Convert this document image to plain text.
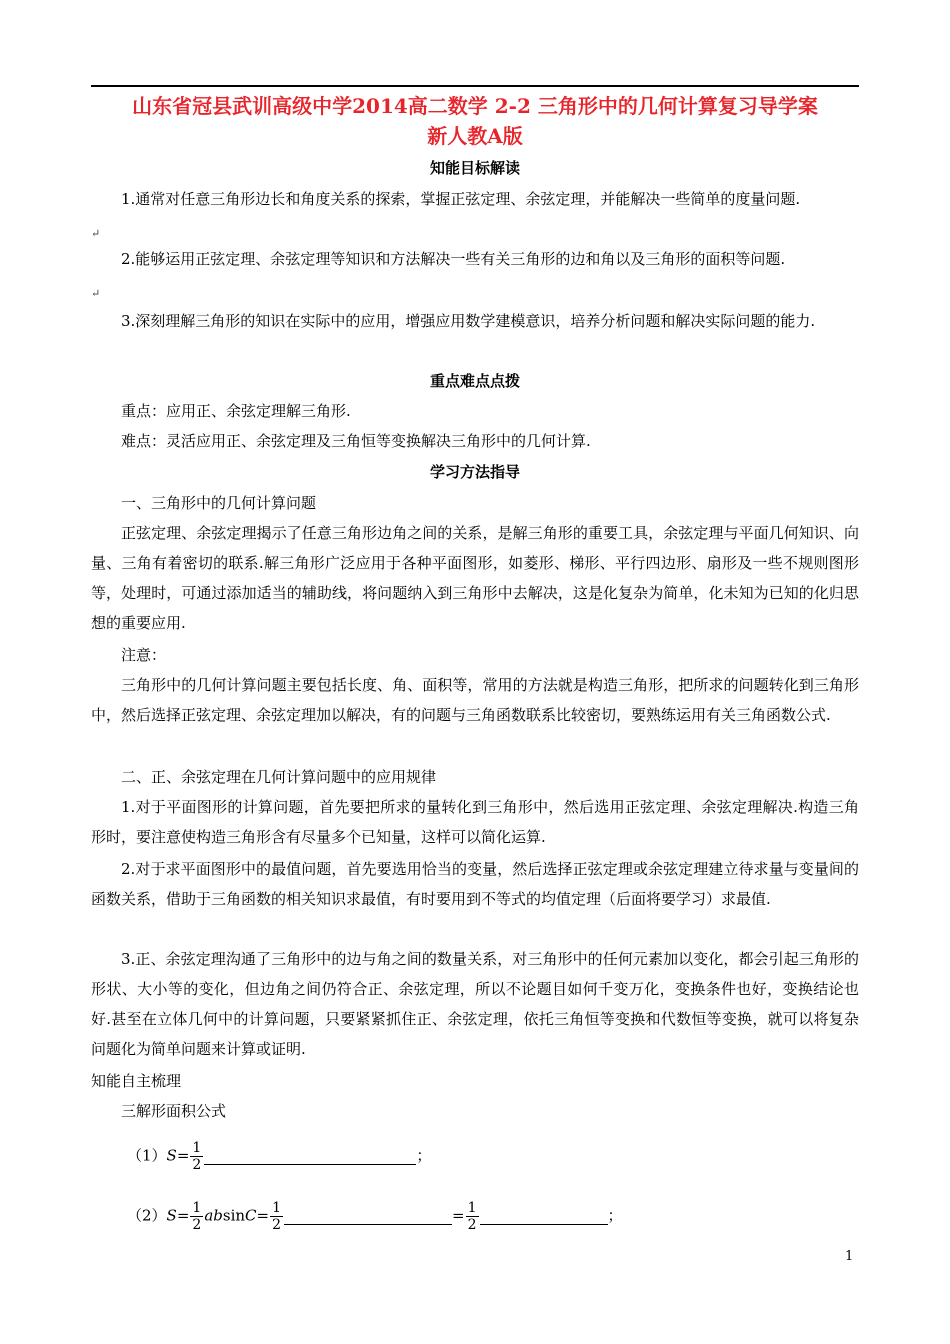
山东省冠县武训高级中学2014高二数学 2-2 三角形中的几何计算复习导学案
新人教A版
知能目标解读
1.通常对任意三角形边长和角度关系的探索，掌握正弦定理、余弦定理，并能解决一些简单的度量问题.
↵
2.能够运用正弦定理、余弦定理等知识和方法解决一些有关三角形的边和角以及三角形的面积等问题.
↵
3.深刻理解三角形的知识在实际中的应用，增强应用数学建模意识，培养分析问题和解决实际问题的能力.
重点难点点拨
重点：应用正、余弦定理解三角形.
难点：灵活应用正、余弦定理及三角恒等变换解决三角形中的几何计算.
学习方法指导
一、三角形中的几何计算问题
正弦定理、余弦定理揭示了任意三角形边角之间的关系，是解三角形的重要工具，余弦定理与平面几何知识、向量、三角有着密切的联系.解三角形广泛应用于各种平面图形，如菱形、梯形、平行四边形、扇形及一些不规则图形等，处理时，可通过添加适当的辅助线，将问题纳入到三角形中去解决，这是化复杂为简单，化未知为已知的化归思想的重要应用.
注意：
三角形中的几何计算问题主要包括长度、角、面积等，常用的方法就是构造三角形，把所求的问题转化到三角形中，然后选择正弦定理、余弦定理加以解决，有的问题与三角函数联系比较密切，要熟练运用有关三角函数公式.
二、正、余弦定理在几何计算问题中的应用规律
1.对于平面图形的计算问题，首先要把所求的量转化到三角形中，然后选用正弦定理、余弦定理解决.构造三角形时，要注意使构造三角形含有尽量多个已知量，这样可以简化运算.
2.对于求平面图形中的最值问题，首先要选用恰当的变量，然后选择正弦定理或余弦定理建立待求量与变量间的函数关系，借助于三角函数的相关知识求最值，有时要用到不等式的均值定理（后面将要学习）求最值.
3.正、余弦定理沟通了三角形中的边与角之间的数量关系，对三角形中的任何元素加以变化，都会引起三角形的形状、大小等的变化，但边角之间仍符合正、余弦定理，所以不论题目如何千变万化，变换条件也好，变换结论也好.甚至在立体几何中的计算问题，只要紧紧抓住正、余弦定理，依托三角恒等变换和代数恒等变换，就可以将复杂问题化为简单问题来计算或证明.
知能自主梳理
三解形面积公式
$(1)S= \frac{1}{2}$	；
$(2)S= \frac{1}{2} absinC= \frac{1}{2}$	= $\frac{1}{2}$	；
1
